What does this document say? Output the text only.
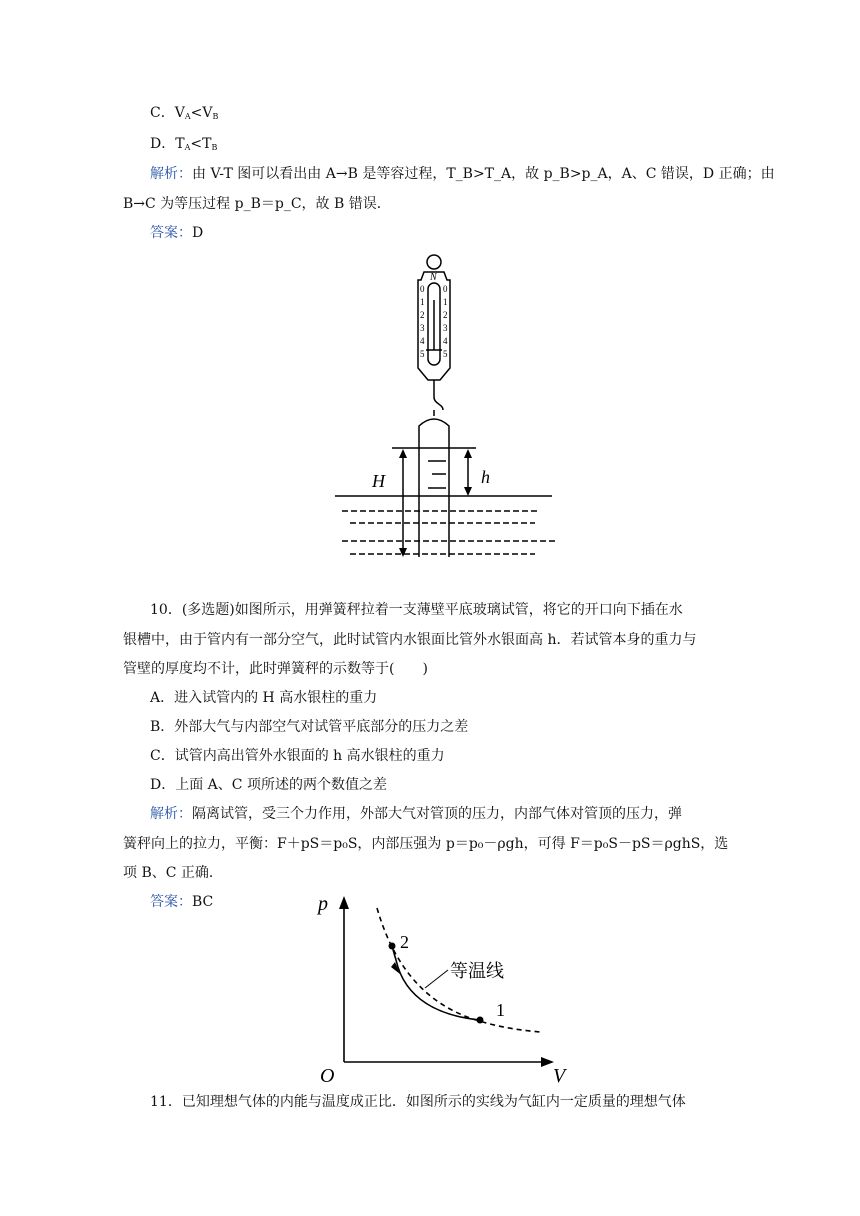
C．$V_A<V_B$
D．$T_A<T_B$
解析：由 V-T 图可以看出由 A→B 是等容过程，T_B>T_A，故 p_B>p_A，A、C 错误，D 正确；由
B→C 为等压过程 p_B＝p_C，故 B 错误．
答案：D
N
0
1
2
3
4
5
0
1
2
3
4
5
H	h
10．(多选题)如图所示，用弹簧秤拉着一支薄壁平底玻璃试管，将它的开口向下插在水
银槽中，由于管内有一部分空气，此时试管内水银面比管外水银面高 h．若试管本身的重力与
管壁的厚度均不计，此时弹簧秤的示数等于(　　)
A．进入试管内的 H 高水银柱的重力
B．外部大气与内部空气对试管平底部分的压力之差
C．试管内高出管外水银面的 h 高水银柱的重力
D．上面 A、C 项所述的两个数值之差
解析：隔离试管，受三个力作用，外部大气对管顶的压力，内部气体对管顶的压力，弹
簧秤向上的拉力，平衡：F＋pS＝p₀S，内部压强为 p＝p₀－ρgh，可得 F＝p₀S－pS＝ρghS，选
项 B、C 正确．
答案：BC	p
V
O
2
1
等温线
11．已知理想气体的内能与温度成正比．如图所示的实线为气缸内一定质量的理想气体
